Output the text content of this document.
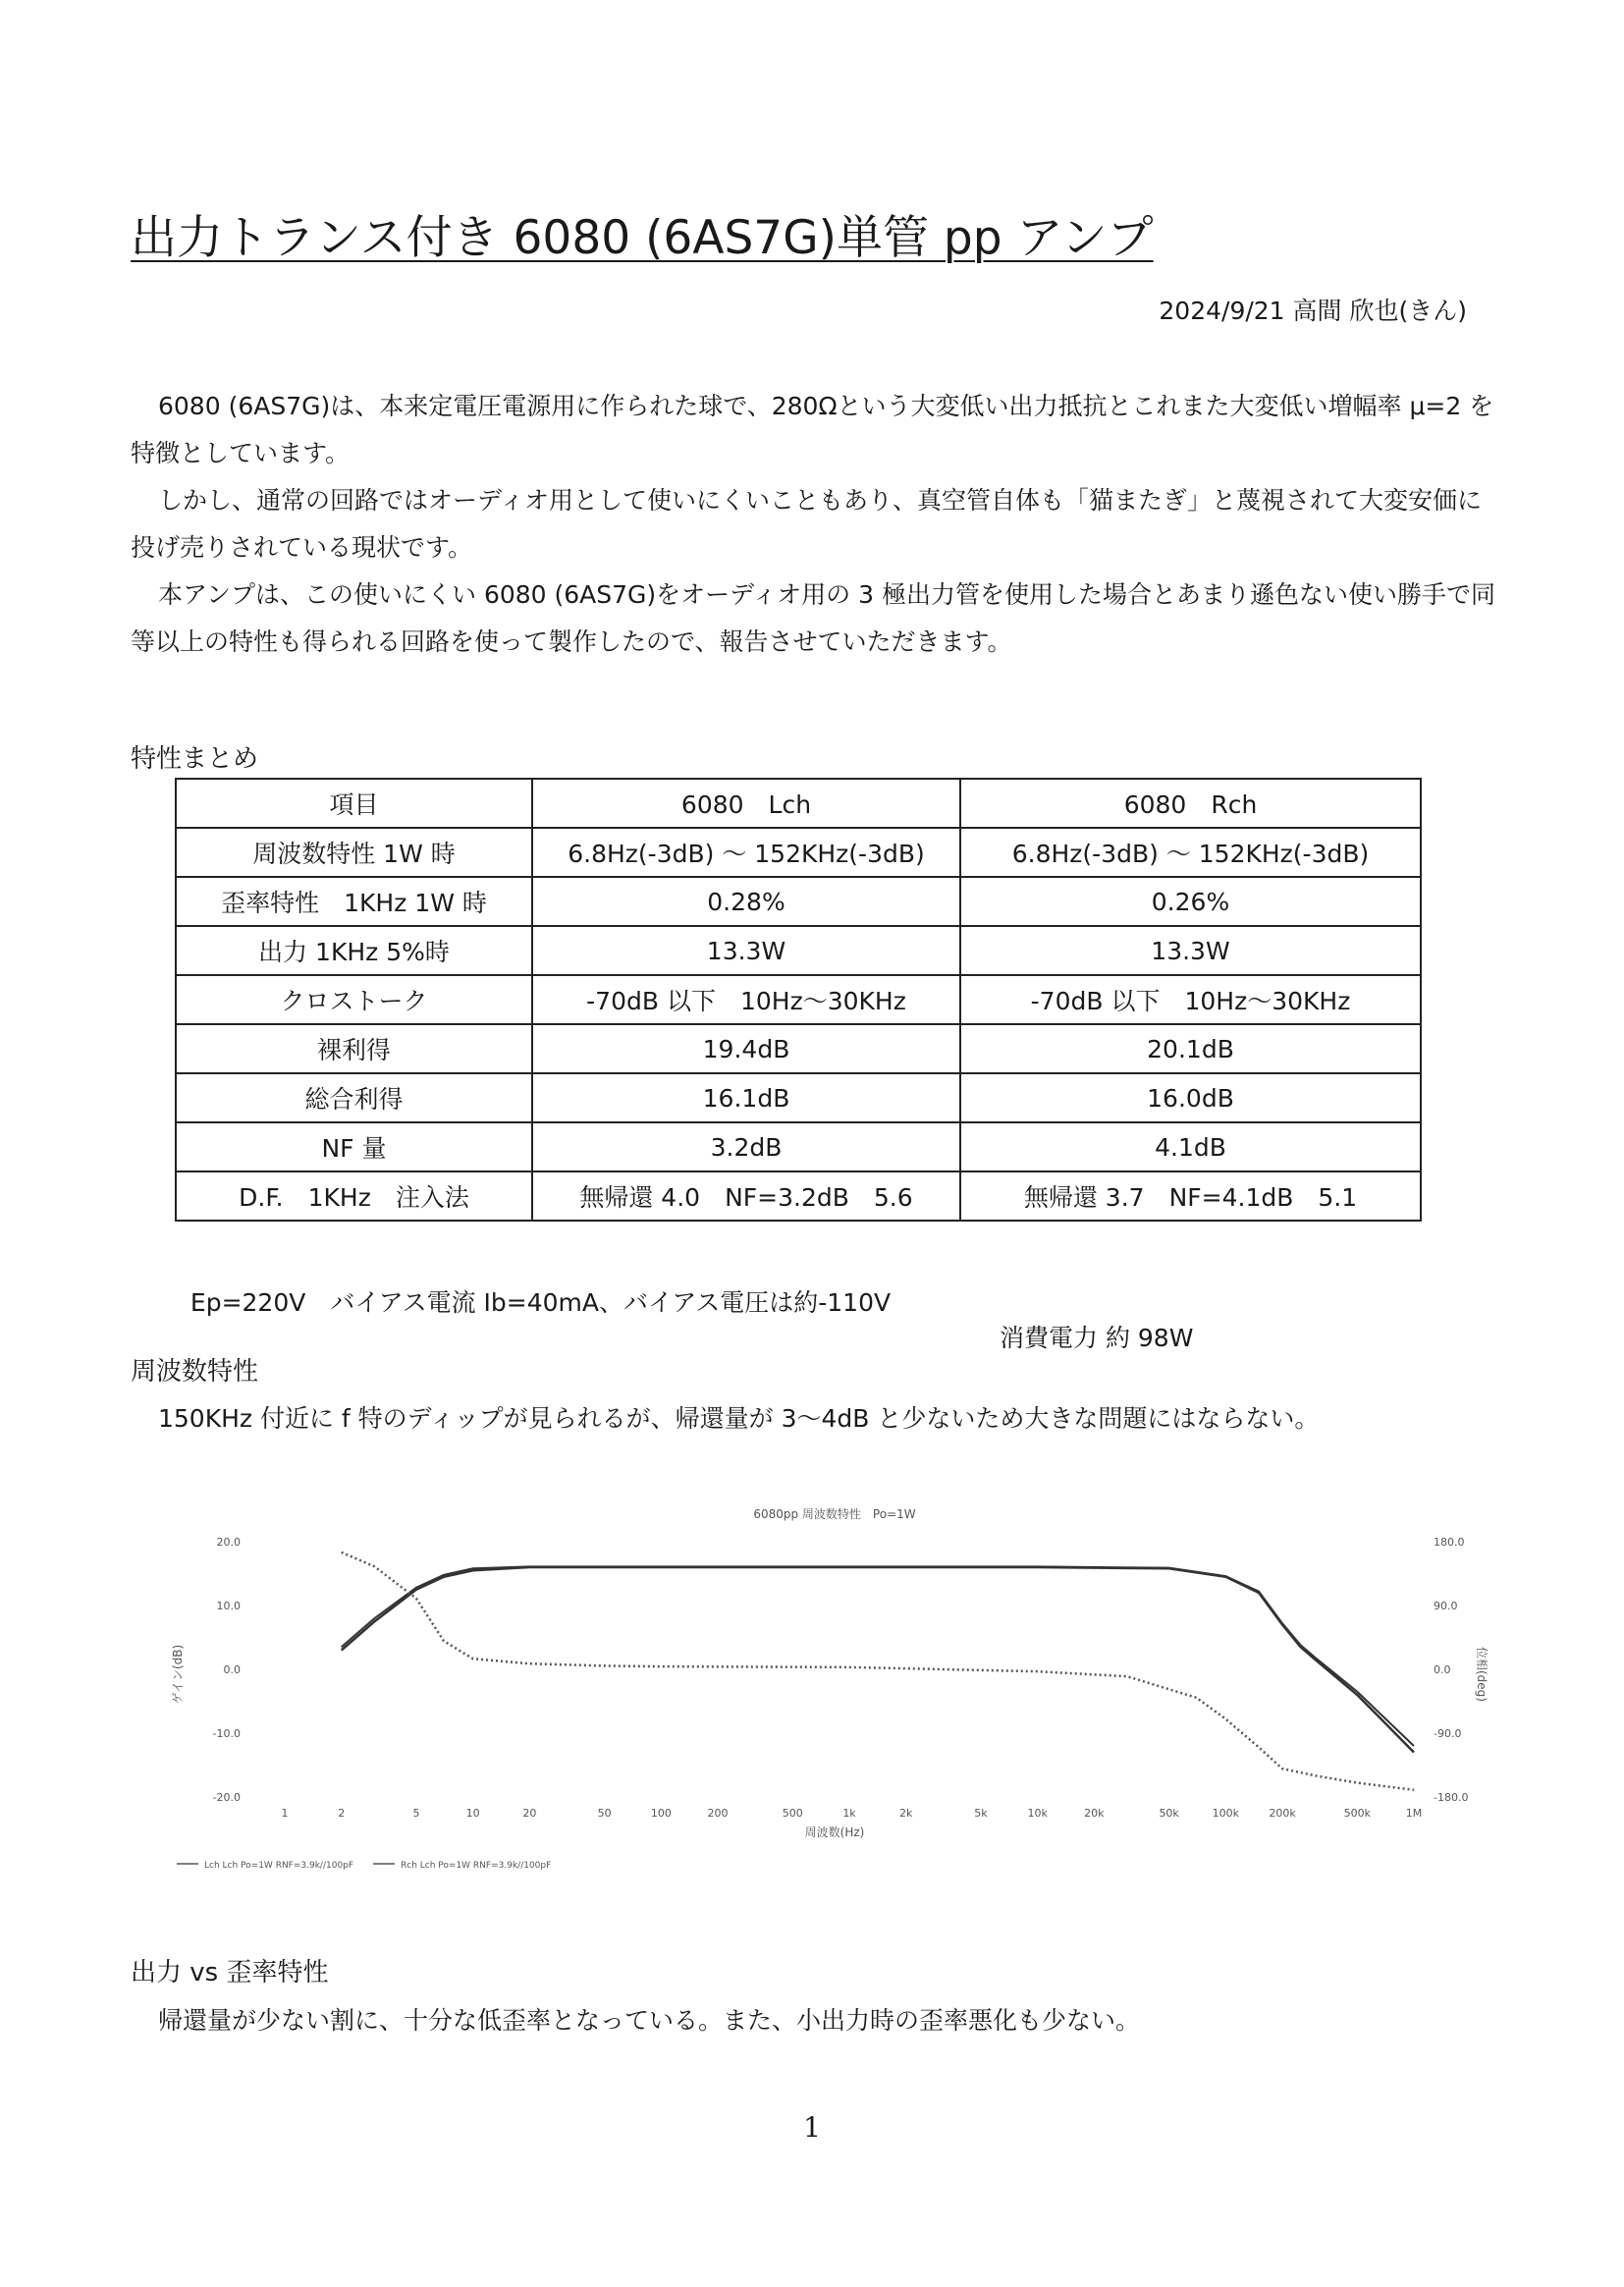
出力トランス付き 6080 (6AS7G)単管 pp アンプ
2024/9/21 高間 欣也(きん)

6080 (6AS7G)は、本来定電圧電源用に作られた球で、280Ωという大変低い出力抵抗とこれまた大変低い増幅率 μ=2 を特徴としています。

しかし、通常の回路ではオーディオ用として使いにくいこともあり、真空管自体も「猫またぎ」と蔑視されて大変安価に投げ売りされている現状です。

本アンプは、この使いにくい 6080 (6AS7G)をオーディオ用の 3 極出力管を使用した場合とあまり遜色ない使い勝手で同等以上の特性も得られる回路を使って製作したので、報告させていただきます。

特性まとめ
項目	6080　Lch	6080　Rch
周波数特性 1W 時	6.8Hz(-3dB) ～ 152KHz(-3dB)	6.8Hz(-3dB) ～ 152KHz(-3dB)
歪率特性　1KHz 1W 時	0.28%	0.26%
出力 1KHz 5%時	13.3W	13.3W
クロストーク	-70dB 以下　10Hz～30KHz	-70dB 以下　10Hz～30KHz
裸利得	19.4dB	20.1dB
総合利得	16.1dB	16.0dB
NF 量	3.2dB	4.1dB
D.F.　1KHz　注入法	無帰還 4.0　NF=3.2dB　5.6	無帰還 3.7　NF=4.1dB　5.1

Ep=220V　バイアス電流 Ib=40mA、バイアス電圧は約-110V

消費電力 約 98W

周波数特性
150KHz 付近に f 特のディップが見られるが、帰還量が 3～4dB と少ないため大きな問題にはならない。
6080pp 周波数特性　Po=1W
20.0
10.0
0.0
-10.0
-20.0
180.0
90.0
0.0
-90.0
-180.0
1	2	5	10	20	50	100	200	500	1k	2k	5k	10k	20k	50k	100k	200k	500k	1M
ゲイン(dB)	位相(deg)
周波数(Hz)
Lch Lch Po=1W RNF=3.9k//100pF	Rch Lch Po=1W RNF=3.9k//100pF
出力 vs 歪率特性
帰還量が少ない割に、十分な低歪率となっている。また、小出力時の歪率悪化も少ない。
1
